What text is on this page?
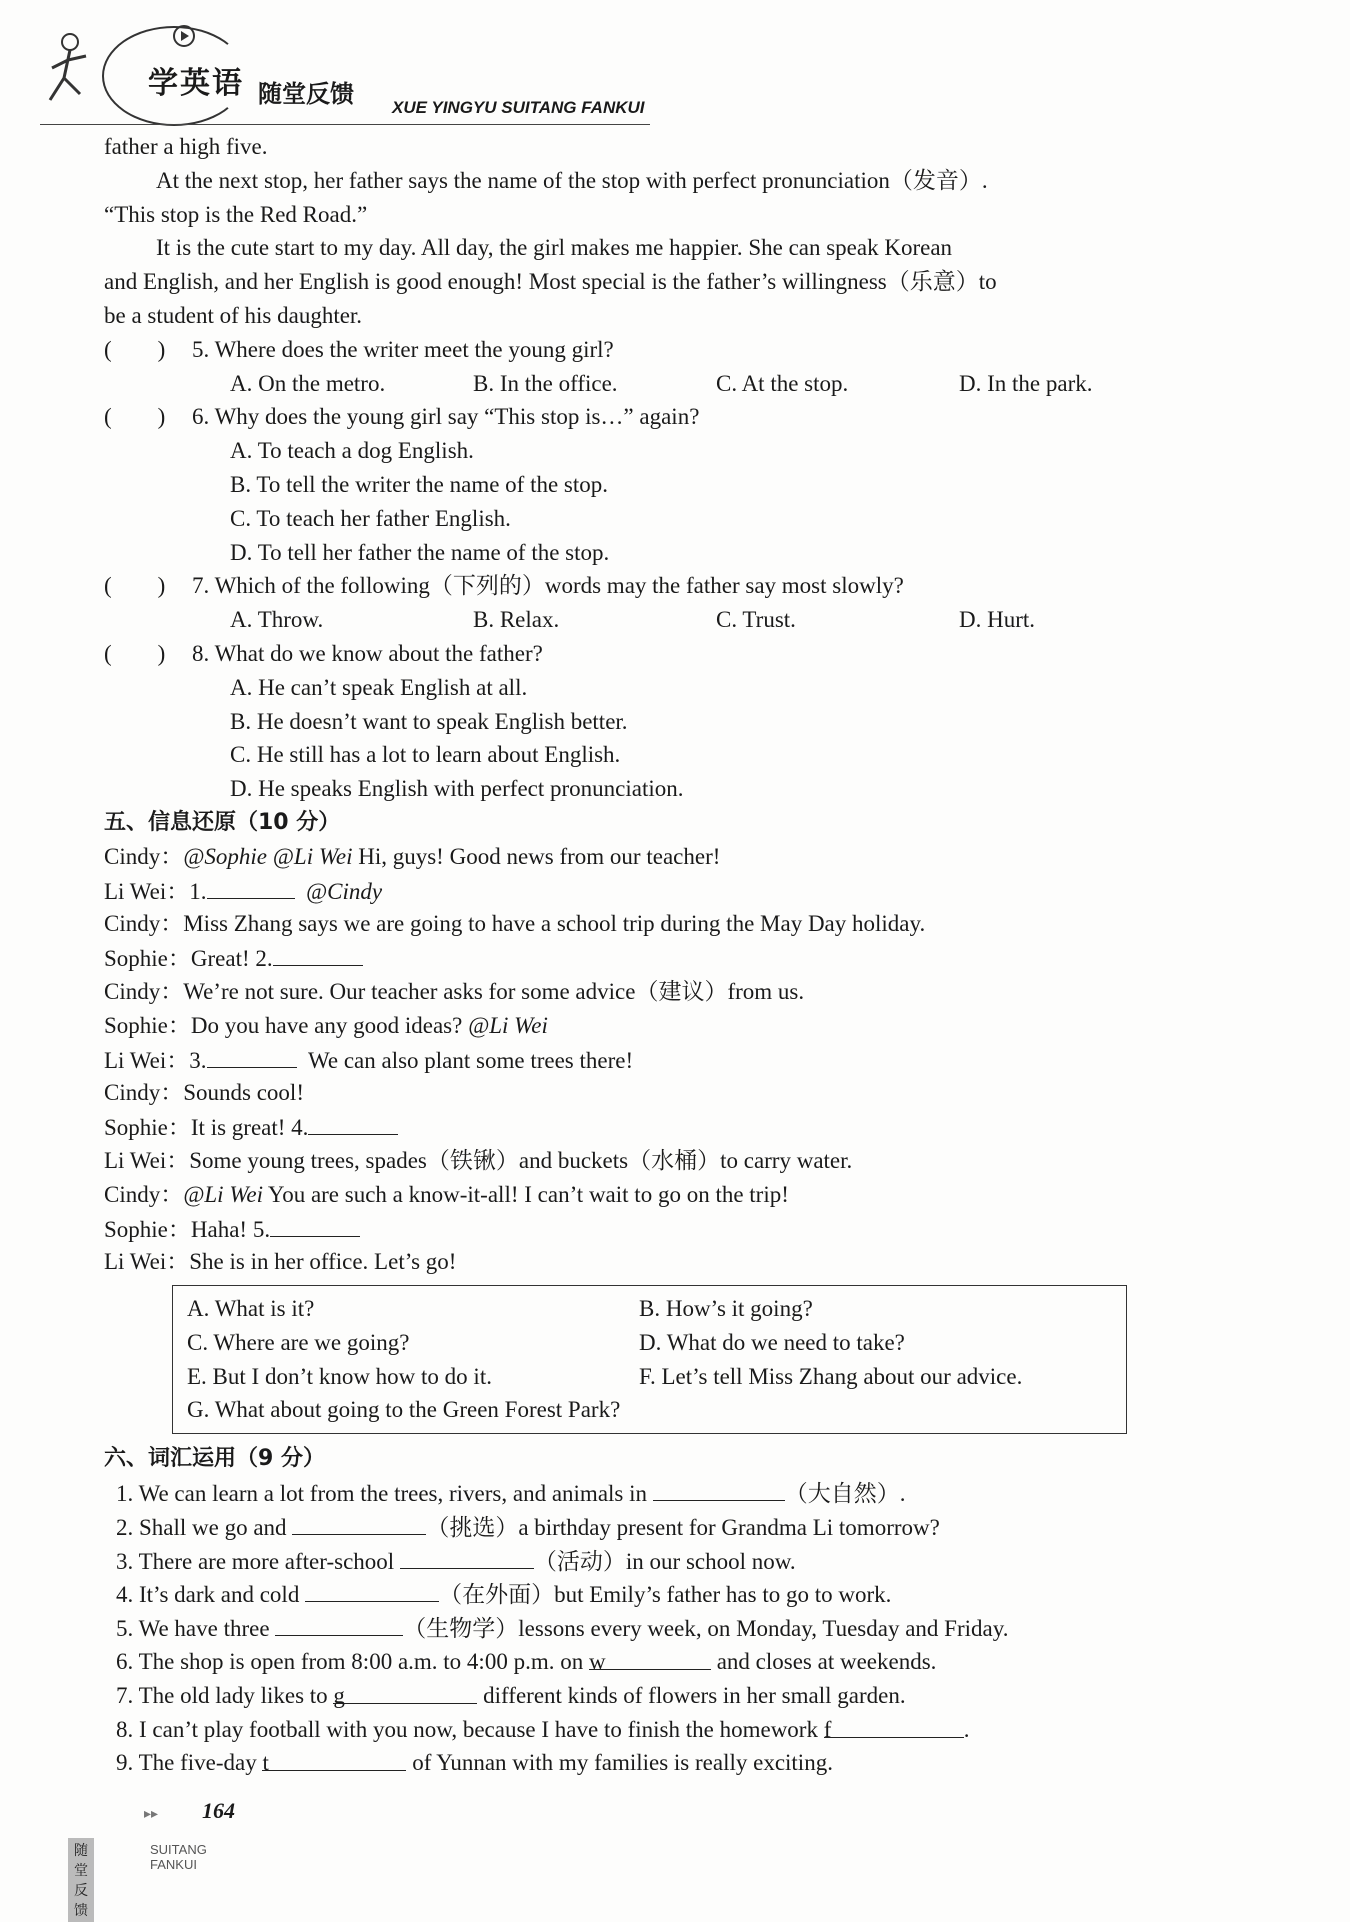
学英语 随堂反馈 XUE YINGYU SUITANG FANKUI
father a high five.
At the next stop, her father says the name of the stop with perfect pronunciation（发音）.
“This stop is the Red Road.”
It is the cute start to my day. All day, the girl makes me happier. She can speak Korean
and English, and her English is good enough! Most special is the father’s willingness（乐意）to
be a student of his daughter.
(　　) 5. Where does the writer meet the young girl?
A. On the metro.	B. In the office.	C. At the stop.	D. In the park.
(　　) 6. Why does the young girl say “This stop is…” again?
A. To teach a dog English.
B. To tell the writer the name of the stop.
C. To teach her father English.
D. To tell her father the name of the stop.
(　　) 7. Which of the following（下列的）words may the father say most slowly?
A. Throw.	B. Relax.	C. Trust.	D. Hurt.
(　　) 8. What do we know about the father?
A. He can’t speak English at all.
B. He doesn’t want to speak English better.
C. He still has a lot to learn about English.
D. He speaks English with perfect pronunciation.
五、信息还原（10 分）
Cindy：@Sophie @Li Wei Hi, guys! Good news from our teacher!
Li Wei：1.	@Cindy
Cindy：Miss Zhang says we are going to have a school trip during the May Day holiday.
Sophie：Great! 2.
Cindy：We’re not sure. Our teacher asks for some advice（建议）from us.
Sophie：Do you have any good ideas? @Li Wei
Li Wei：3.	We can also plant some trees there!
Cindy：Sounds cool!
Sophie：It is great! 4.
Li Wei：Some young trees, spades（铁锹）and buckets（水桶）to carry water.
Cindy：@Li Wei You are such a know-it-all! I can’t wait to go on the trip!
Sophie：Haha! 5.
Li Wei：She is in her office. Let’s go!
A. What is it?	B. How’s it going?
C. Where are we going?	D. What do we need to take?
E. But I don’t know how to do it.	F. Let’s tell Miss Zhang about our advice.
G. What about going to the Green Forest Park?
六、词汇运用（9 分）
1. We can learn a lot from the trees, rivers, and animals in	（大自然）.
2. Shall we go and	（挑选）a birthday present for Grandma Li tomorrow?
3. There are more after-school	（活动）in our school now.
4. It’s dark and cold	（在外面）but Emily’s father has to go to work.
5. We have three	（生物学）lessons every week, on Monday, Tuesday and Friday.
6. The shop is open from 8:00 a.m. to 4:00 p.m. on w	and closes at weekends.
7. The old lady likes to g	different kinds of flowers in her small garden.
8. I can’t play football with you now, because I have to finish the homework f	.
9. The five-day t	of Yunnan with my families is really exciting.
▸▸ 164
随堂反馈
SUITANG FANKUI
